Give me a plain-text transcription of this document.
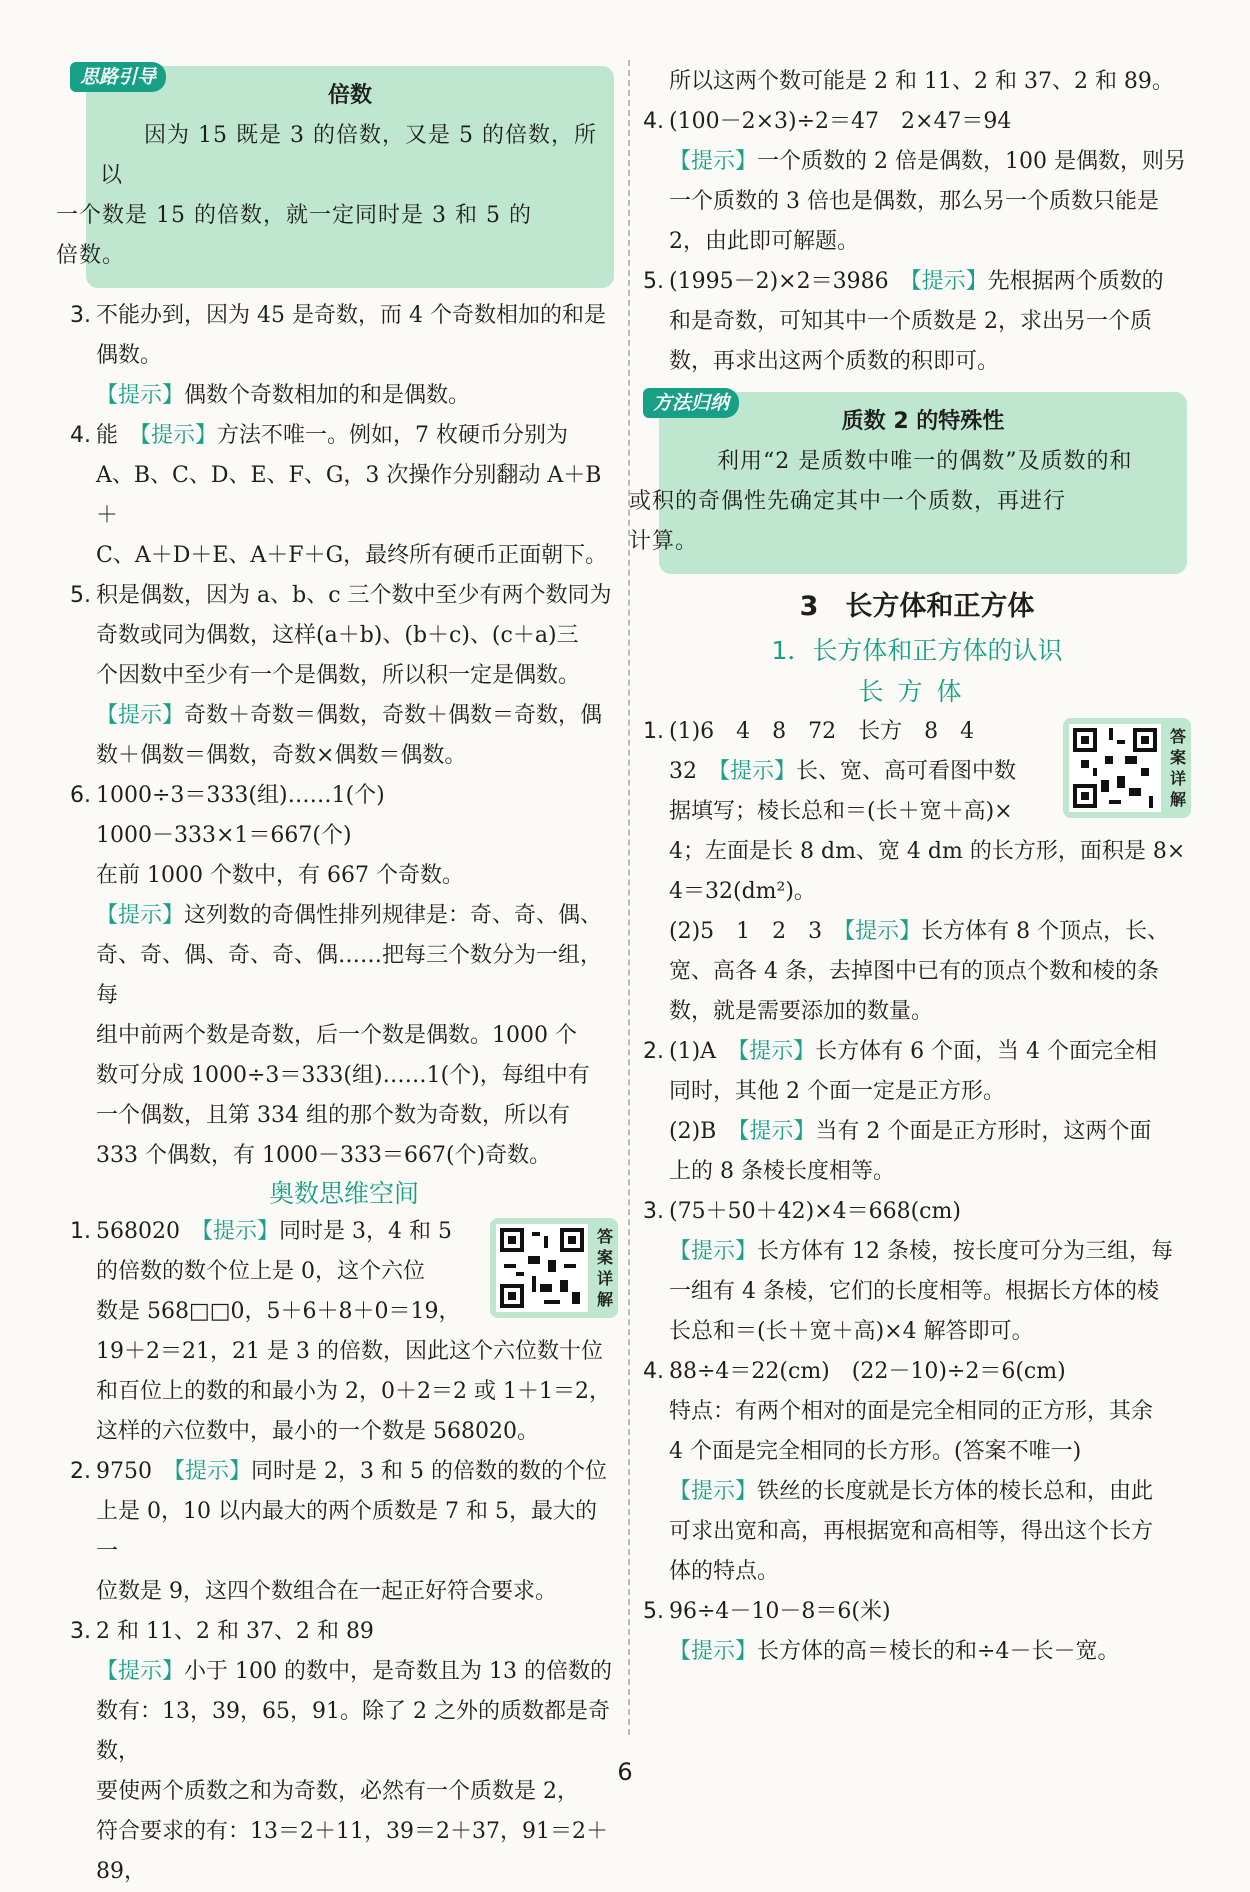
思路引导
倍数
因为 15 既是 3 的倍数，又是 5 的倍数，所以
一个数是 15 的倍数，就一定同时是 3 和 5 的
倍数。
3. 不能办到，因为 45 是奇数，而 4 个奇数相加的和是
偶数。
【提示】偶数个奇数相加的和是偶数。
4. 能　【提示】方法不唯一。例如，7 枚硬币分别为
A、B、C、D、E、F、G，3 次操作分别翻动 A＋B＋
C、A＋D＋E、A＋F＋G，最终所有硬币正面朝下。
5. 积是偶数，因为 a、b、c 三个数中至少有两个数同为
奇数或同为偶数，这样(a＋b)、(b＋c)、(c＋a)三
个因数中至少有一个是偶数，所以积一定是偶数。
【提示】奇数＋奇数＝偶数，奇数＋偶数＝奇数，偶
数＋偶数＝偶数，奇数×偶数＝偶数。
6. 1000÷3＝333(组)……1(个)
1000－333×1＝667(个)
在前 1000 个数中，有 667 个奇数。
【提示】这列数的奇偶性排列规律是：奇、奇、偶、
奇、奇、偶、奇、奇、偶……把每三个数分为一组，每
组中前两个数是奇数，后一个数是偶数。1000 个
数可分成 1000÷3＝333(组)……1(个)，每组中有
一个偶数，且第 334 组的那个数为奇数，所以有
333 个偶数，有 1000－333＝667(个)奇数。
奥数思维空间
1.	答案详解
568020　【提示】同时是 3，4 和 5
的倍数的数个位上是 0，这个六位
数是 568□□0，5＋6＋8＋0＝19，
19＋2＝21，21 是 3 的倍数，因此这个六位数十位
和百位上的数的和最小为 2，0＋2＝2 或 1＋1＝2，
这样的六位数中，最小的一个数是 568020。
2. 9750　【提示】同时是 2，3 和 5 的倍数的数的个位
上是 0，10 以内最大的两个质数是 7 和 5，最大的一
位数是 9，这四个数组合在一起正好符合要求。
3. 2 和 11、2 和 37、2 和 89
【提示】小于 100 的数中，是奇数且为 13 的倍数的
数有：13，39，65，91。除了 2 之外的质数都是奇数，
要使两个质数之和为奇数，必然有一个质数是 2，
符合要求的有：13＝2＋11，39＝2＋37，91＝2＋89，
所以这两个数可能是 2 和 11、2 和 37、2 和 89。
4. (100－2×3)÷2＝47　2×47＝94
【提示】一个质数的 2 倍是偶数，100 是偶数，则另
一个质数的 3 倍也是偶数，那么另一个质数只能是
2，由此即可解题。
5. (1995－2)×2＝3986　【提示】先根据两个质数的
和是奇数，可知其中一个质数是 2，求出另一个质
数，再求出这两个质数的积即可。
方法归纳
质数 2 的特殊性
利用“2 是质数中唯一的偶数”及质数的和
或积的奇偶性先确定其中一个质数，再进行
计算。
3　长方体和正方体
1．长方体和正方体的认识
长方体
1.	答案详解
(1)6　4　8　72　长方　8　4
32　【提示】长、宽、高可看图中数
据填写；棱长总和＝(长＋宽＋高)×
4；左面是长 8 dm、宽 4 dm 的长方形，面积是 8×
4＝32(dm²)。
(2)5　1　2　3　【提示】长方体有 8 个顶点，长、
宽、高各 4 条，去掉图中已有的顶点个数和棱的条
数，就是需要添加的数量。
2. (1)A　【提示】长方体有 6 个面，当 4 个面完全相
同时，其他 2 个面一定是正方形。
(2)B　【提示】当有 2 个面是正方形时，这两个面
上的 8 条棱长度相等。
3. (75＋50＋42)×4＝668(cm)
【提示】长方体有 12 条棱，按长度可分为三组，每
一组有 4 条棱，它们的长度相等。根据长方体的棱
长总和＝(长＋宽＋高)×4 解答即可。
4. 88÷4＝22(cm)　(22－10)÷2＝6(cm)
特点：有两个相对的面是完全相同的正方形，其余
4 个面是完全相同的长方形。(答案不唯一)
【提示】铁丝的长度就是长方体的棱长总和，由此
可求出宽和高，再根据宽和高相等，得出这个长方
体的特点。
5. 96÷4－10－8＝6(米)
【提示】长方体的高＝棱长的和÷4－长－宽。
6
